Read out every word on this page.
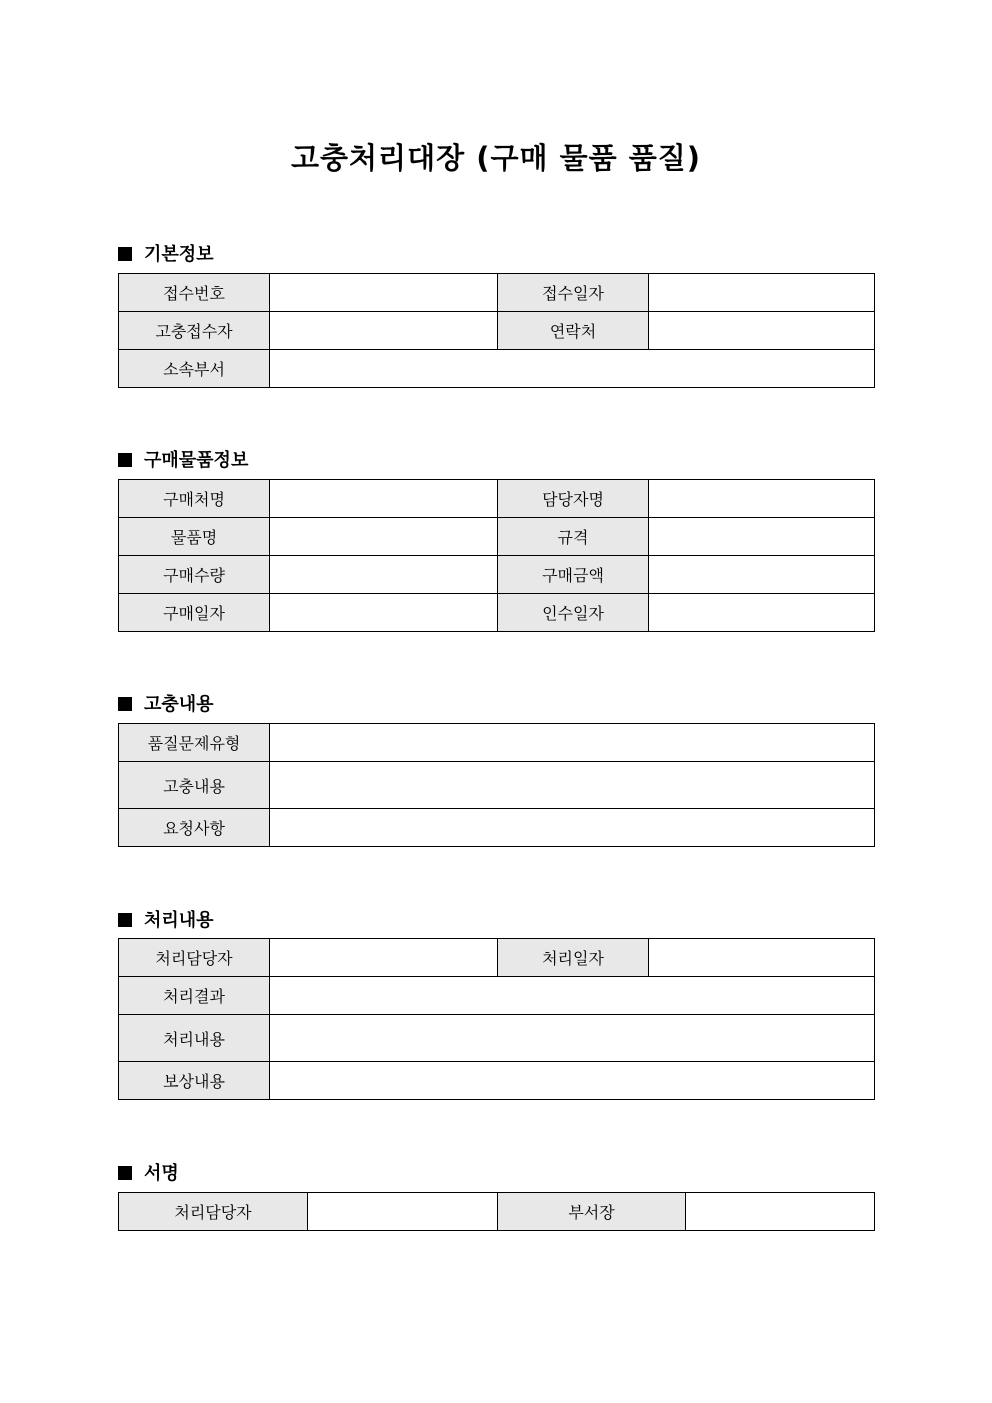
고충처리대장 (구매 물품 품질)
기본정보
접수번호		접수일자	
고충접수자		연락처	
소속부서			
구매물품정보
구매처명		담당자명	
물품명		규격	
구매수량		구매금액	
구매일자		인수일자	
고충내용
품질문제유형	
고충내용	
요청사항	
처리내용
처리담당자		처리일자	
처리결과			
처리내용			
보상내용			
서명
처리담당자		부서장	
